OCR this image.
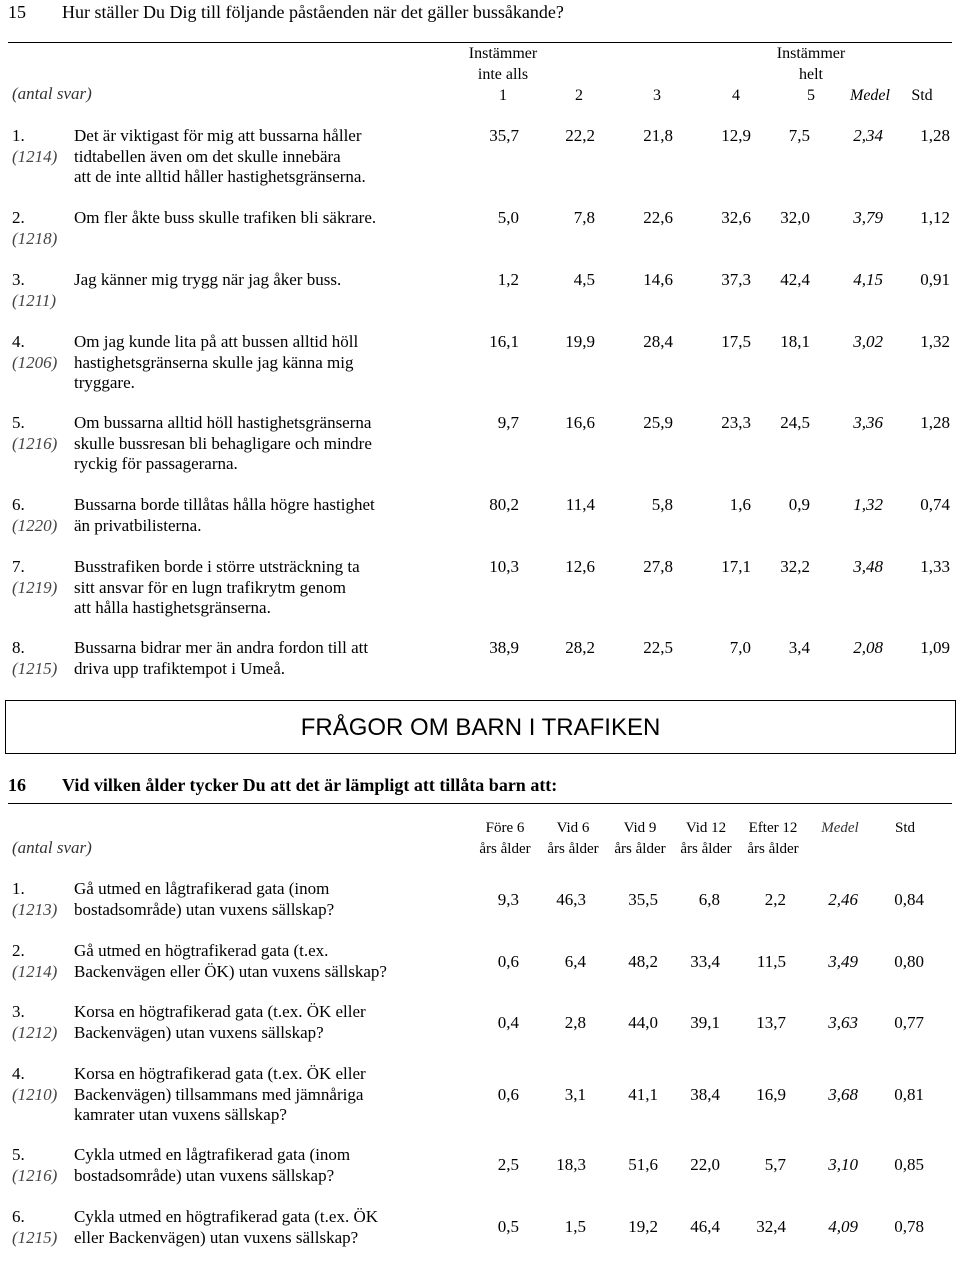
15 Hur ställer Du Dig till följande påståenden när det gäller bussåkande?
Instämmer
inte alls
1	2	3	4
Instämmer
helt
5
(antal svar)	Medel	Std
1.
(1214)
Det är viktigast för mig att bussarna håller
tidtabellen även om det skulle innebära
att de inte alltid håller hastighetsgränserna.
35,7	22,2	21,8	12,9	7,5	2,34	1,28
2.
(1218)
Om fler åkte buss skulle trafiken bli säkrare.	5,0	7,8	22,6	32,6	32,0	3,79	1,12
3.
(1211)
Jag känner mig trygg när jag åker buss.	1,2	4,5	14,6	37,3	42,4	4,15	0,91
4.
(1206)
Om jag kunde lita på att bussen alltid höll
hastighetsgränserna skulle jag känna mig
tryggare.
16,1	19,9	28,4	17,5	18,1	3,02	1,32
5.
(1216)
Om bussarna alltid höll hastighetsgränserna
skulle bussresan bli behagligare och mindre
ryckig för passagerarna.
9,7	16,6	25,9	23,3	24,5	3,36	1,28
6.
(1220)
Bussarna borde tillåtas hålla högre hastighet
än privatbilisterna.
80,2	11,4	5,8	1,6	0,9	1,32	0,74
7.
(1219)
Busstrafiken borde i större utsträckning ta
sitt ansvar för en lugn trafikrytm genom
att hålla hastighetsgränserna.
10,3	12,6	27,8	17,1	32,2	3,48	1,33
8.
(1215)
Bussarna bidrar mer än andra fordon till att
driva upp trafiktempot i Umeå.
38,9	28,2	22,5	7,0	3,4	2,08	1,09
FRÅGOR OM BARN I TRAFIKEN
16 Vid vilken ålder tycker Du att det är lämpligt att tillåta barn att:
Före 6
års ålder
Vid 6
års ålder
Vid 9
års ålder
Vid 12
års ålder
Efter 12
års ålder
(antal svar)
Medel	Std
1.
(1213)
Gå utmed en lågtrafikerad gata (inom
bostadsområde) utan vuxens sällskap?	9,3	46,3	35,5	6,8	2,2	2,46	0,84
2.
(1214)
Gå utmed en högtrafikerad gata (t.ex.
Backenvägen eller ÖK) utan vuxens sällskap?	0,6	6,4	48,2	33,4	11,5	3,49	0,80
3.
(1212)
Korsa en högtrafikerad gata (t.ex. ÖK eller
Backenvägen) utan vuxens sällskap?	0,4	2,8	44,0	39,1	13,7	3,63	0,77
4.
(1210)
Korsa en högtrafikerad gata (t.ex. ÖK eller
Backenvägen) tillsammans med jämnåriga
kamrater utan vuxens sällskap?
0,6	3,1	41,1	38,4	16,9	3,68	0,81
5.
(1216)
Cykla utmed en lågtrafikerad gata (inom
bostadsområde) utan vuxens sällskap?
2,5	18,3	51,6	22,0	5,7	3,10	0,85
6.
(1215)
Cykla utmed en högtrafikerad gata (t.ex. ÖK
eller Backenvägen) utan vuxens sällskap?
0,5	1,5	19,2	46,4	32,4	4,09	0,78
